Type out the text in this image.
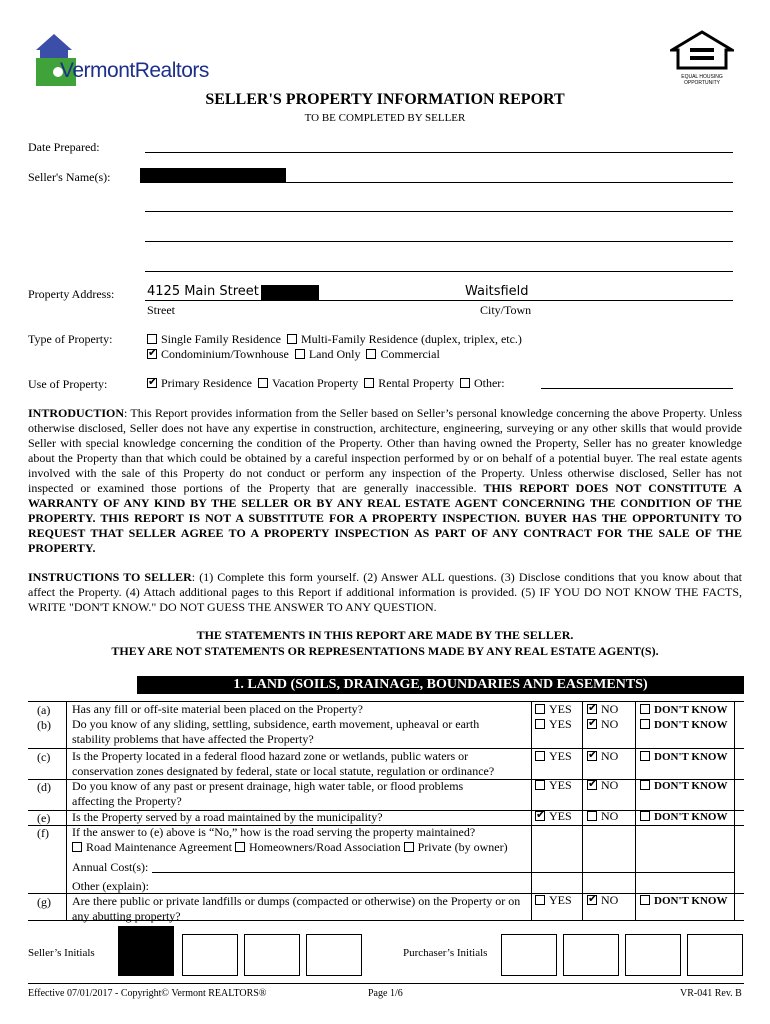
VermontRealtors	EQUAL HOUSING OPPORTUNITY
SELLER'S PROPERTY INFORMATION REPORT
TO BE COMPLETED BY SELLER
Date Prepared:
Seller's Name(s):
Property Address:	4125 Main Street	Waitsfield
Street	City/Town
Type of Property:	Single Family Residence Multi-Family Residence (duplex, triplex, etc.)
✔Condominium/Townhouse Land Only Commercial
Use of Property: ✔	Primary Residence Vacation Property Rental Property Other:
INTRODUCTION: This Report provides information from the Seller based on Seller’s personal knowledge concerning the above Property. Unless otherwise disclosed, Seller does not have any expertise in construction, architecture, engineering, surveying or any other skills that would provide Seller with special knowledge concerning the condition of the Property. Other than having owned the Property, Seller has no greater knowledge about the Property than that which could be obtained by a careful inspection performed by or on behalf of a potential buyer. The real estate agents involved with the sale of this Property do not conduct or perform any inspection of the Property. Unless otherwise disclosed, Seller has not inspected or examined those portions of the Property that are generally inaccessible. THIS REPORT DOES NOT CONSTITUTE A WARRANTY OF ANY KIND BY THE SELLER OR BY ANY REAL ESTATE AGENT CONCERNING THE CONDITION OF THE PROPERTY. THIS REPORT IS NOT A SUBSTITUTE FOR A PROPERTY INSPECTION. BUYER HAS THE OPPORTUNITY TO REQUEST THAT SELLER AGREE TO A PROPERTY INSPECTION AS PART OF ANY CONTRACT FOR THE SALE OF THE PROPERTY.
INSTRUCTIONS TO SELLER: (1) Complete this form yourself. (2) Answer ALL questions. (3) Disclose conditions that you know about that affect the Property. (4) Attach additional pages to this Report if additional information is provided. (5) IF YOU DO NOT KNOW THE FACTS, WRITE "DON'T KNOW." DO NOT GUESS THE ANSWER TO ANY QUESTION.
THE STATEMENTS IN THIS REPORT ARE MADE BY THE SELLER.
THEY ARE NOT STATEMENTS OR REPRESENTATIONS MADE BY ANY REAL ESTATE AGENT(S).
1. LAND (SOILS, DRAINAGE, BOUNDARIES AND EASEMENTS)
(a) Has any fill or off-site material been placed on the Property?	YES ✔	NO	DON'T KNOW
(b) Do you know of any sliding, settling, subsidence, earth movement, upheaval or earth stability problems that have affected the Property?
YES ✔	NO	DON'T KNOW
(c) Is the Property located in a federal flood hazard zone or wetlands, public waters or conservation zones designated by federal, state or local statute, regulation or ordinance?
YES ✔	NO	DON'T KNOW
(d) Do you know of any past or present drainage, high water table, or flood problems affecting the Property?
YES ✔	NO	DON'T KNOW
(e) Is the Property served by a road maintained by the municipality? ✔	YES	NO	DON'T KNOW
(f) If the answer to (e) above is “No,” how is the road serving the property maintained?
Road Maintenance Agreement Homeowners/Road Association Private (by owner)
Annual Cost(s):
Other (explain):
(g) Are there public or private landfills or dumps (compacted or otherwise) on the Property or on any abutting property?
YES ✔	NO	DON'T KNOW
Seller’s Initials	Purchaser’s Initials
Effective 07/01/2017 - Copyright© Vermont REALTORS®	Page 1/6	VR-041 Rev. B
